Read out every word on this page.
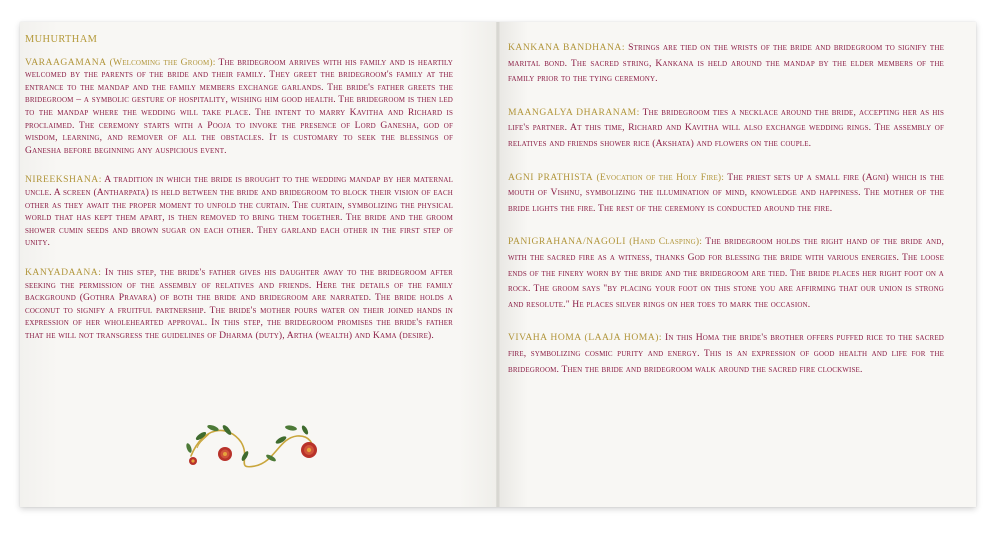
MUHURTHAM

VARAAGAMANA (Welcoming the Groom): The bridegroom arrives with his family and is heartily welcomed by the parents of the bride and their family. They greet the bridegroom's family at the entrance to the mandap and the family members exchange garlands. The bride's father greets the bridegroom – a symbolic gesture of hospitality, wishing him good health. The bridegroom is then led to the mandap where the wedding will take place. The intent to marry Kavitha and Richard is proclaimed. The ceremony starts with a Pooja to invoke the presence of Lord Ganesha, god of wisdom, learning, and remover of all the obstacles. It is customary to seek the blessings of Ganesha before beginning any auspicious event.

NIREEKSHANA: A tradition in which the bride is brought to the wedding mandap by her maternal uncle. A screen (Antharpata) is held between the bride and bridegroom to block their vision of each other as they await the proper moment to unfold the curtain. The curtain, symbolizing the physical world that has kept them apart, is then removed to bring them together. The bride and the groom shower cumin seeds and brown sugar on each other. They garland each other in the first step of unity.

KANYADAANA: In this step, the bride's father gives his daughter away to the bridegroom after seeking the permission of the assembly of relatives and friends. Here the details of the family background (Gothra Pravara) of both the bride and bridegroom are narrated. The bride holds a coconut to signify a fruitful partnership. The bride's mother pours water on their joined hands in expression of her wholehearted approval. In this step, the bridegroom promises the bride's father that he will not transgress the guidelines of Dharma (duty), Artha (wealth) and Kama (desire).

KANKANA BANDHANA: Strings are tied on the wrists of the bride and bridegroom to signify the marital bond. The sacred string, Kankana is held around the mandap by the elder members of the family prior to the tying ceremony.

MAANGALYA DHARANAM: The bridegroom ties a necklace around the bride, accepting her as his life's partner. At this time, Richard and Kavitha will also exchange wedding rings. The assembly of relatives and friends shower rice (Akshata) and flowers on the couple.

AGNI PRATHISTA (Evocation of the Holy Fire): The priest sets up a small fire (Agni) which is the mouth of Vishnu, symbolizing the illumination of mind, knowledge and happiness. The mother of the bride lights the fire. The rest of the ceremony is conducted around the fire.

PANIGRAHANA/NAGOLI (Hand Clasping): The bridegroom holds the right hand of the bride and, with the sacred fire as a witness, thanks God for blessing the bride with various energies. The loose ends of the finery worn by the bride and the bridegroom are tied. The bride places her right foot on a rock. The groom says "by placing your foot on this stone you are affirming that our union is strong and resolute." He places silver rings on her toes to mark the occasion.

VIVAHA HOMA (LAAJA HOMA): In this Homa the bride's brother offers puffed rice to the sacred fire, symbolizing cosmic purity and energy. This is an expression of good health and life for the bridegroom. Then the bride and bridegroom walk around the sacred fire clockwise.
